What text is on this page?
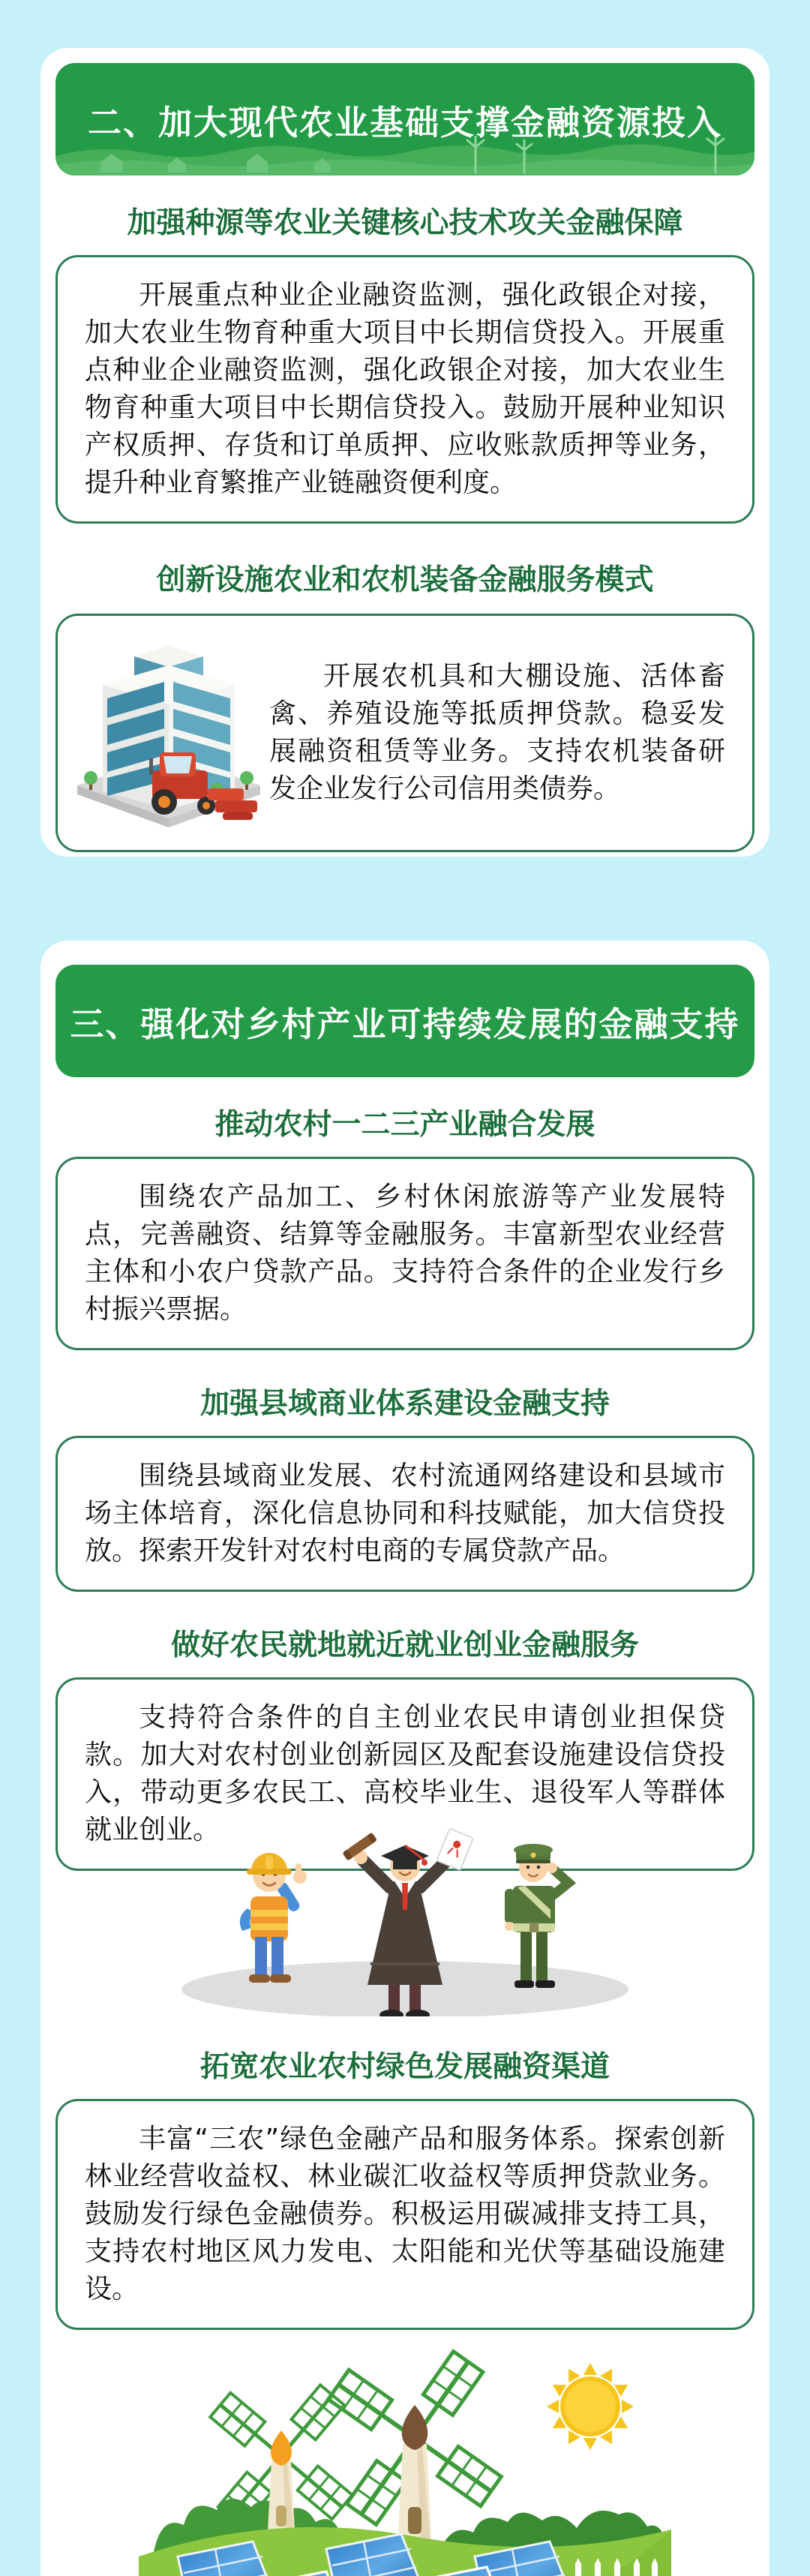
二、加大现代农业基础支撑金融资源投入
加强种源等农业关键核心技术攻关金融保障

开展重点种业企业融资监测，强化政银企对接，加大农业生物育种重大项目中长期信贷投入。开展重点种业企业融资监测，强化政银企对接，加大农业生物育种重大项目中长期信贷投入。鼓励开展种业知识产权质押、存货和订单质押、应收账款质押等业务，提升种业育繁推产业链融资便利度。

创新设施农业和农机装备金融服务模式

开展农机具和大棚设施、活体畜禽、养殖设施等抵质押贷款。稳妥发展融资租赁等业务。支持农机装备研发企业发行公司信用类债券。

三、强化对乡村产业可持续发展的金融支持
推动农村一二三产业融合发展

围绕农产品加工、乡村休闲旅游等产业发展特点，完善融资、结算等金融服务。丰富新型农业经营主体和小农户贷款产品。支持符合条件的企业发行乡村振兴票据。

加强县域商业体系建设金融支持

围绕县域商业发展、农村流通网络建设和县域市场主体培育，深化信息协同和科技赋能，加大信贷投放。探索开发针对农村电商的专属贷款产品。

做好农民就地就近就业创业金融服务

支持符合条件的自主创业农民申请创业担保贷款。加大对农村创业创新园区及配套设施建设信贷投入，带动更多农民工、高校毕业生、退役军人等群体就业创业。

拓宽农业农村绿色发展融资渠道

丰富“三农”绿色金融产品和服务体系。探索创新林业经营收益权、林业碳汇收益权等质押贷款业务。鼓励发行绿色金融债券。积极运用碳减排支持工具，支持农村地区风力发电、太阳能和光伏等基础设施建设。
